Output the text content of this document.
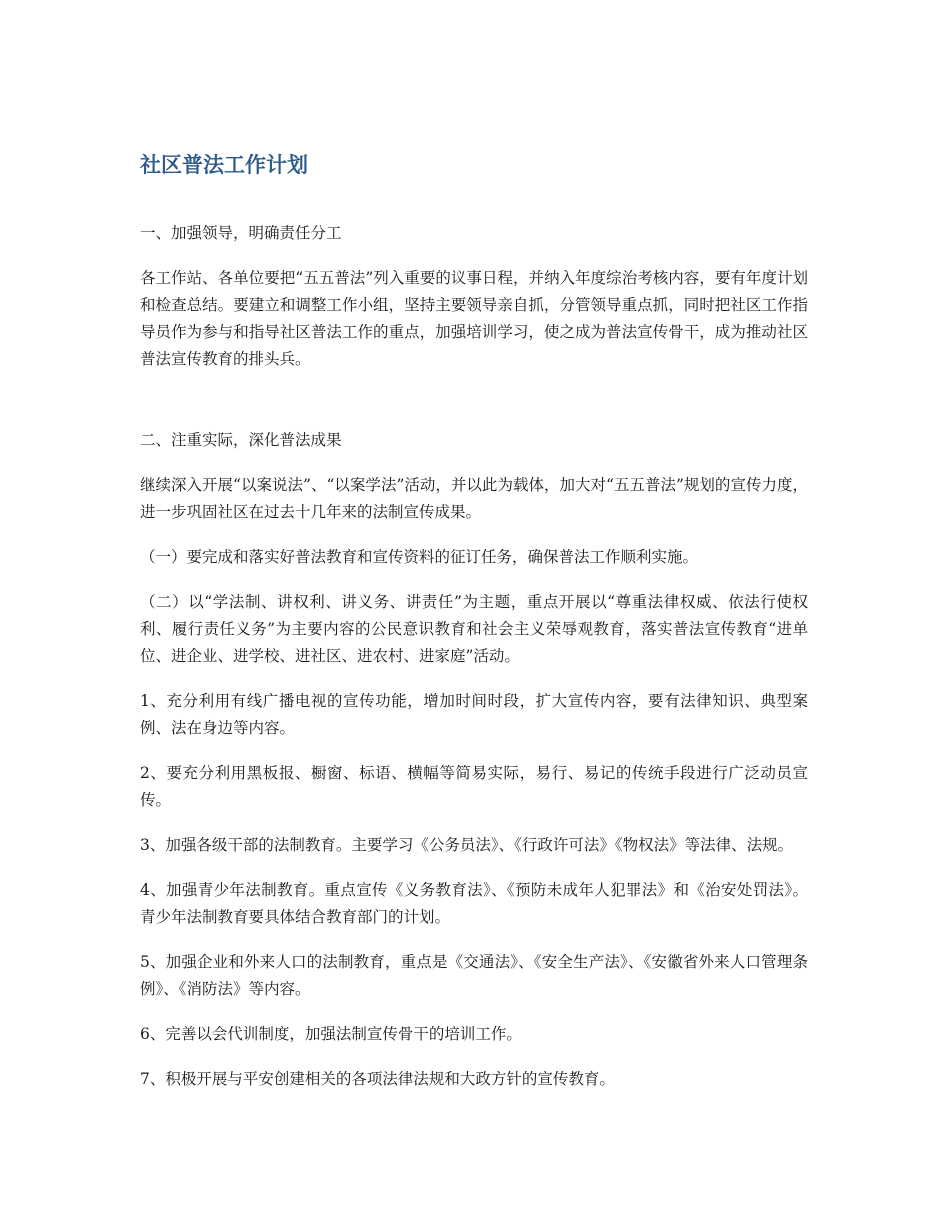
社区普法工作计划

一、加强领导，明确责任分工

各工作站、各单位要把“五五普法”列入重要的议事日程，并纳入年度综治考核内容，要有年度计划和检查总结。要建立和调整工作小组，坚持主要领导亲自抓，分管领导重点抓，同时把社区工作指导员作为参与和指导社区普法工作的重点，加强培训学习，使之成为普法宣传骨干，成为推动社区普法宣传教育的排头兵。

二、注重实际，深化普法成果

继续深入开展“以案说法”、“以案学法”活动，并以此为载体，加大对“五五普法”规划的宣传力度，进一步巩固社区在过去十几年来的法制宣传成果。

（一）要完成和落实好普法教育和宣传资料的征订任务，确保普法工作顺利实施。

（二）以“学法制、讲权利、讲义务、讲责任”为主题，重点开展以“尊重法律权威、依法行使权利、履行责任义务”为主要内容的公民意识教育和社会主义荣辱观教育，落实普法宣传教育“进单位、进企业、进学校、进社区、进农村、进家庭”活动。

1、充分利用有线广播电视的宣传功能，增加时间时段，扩大宣传内容，要有法律知识、典型案例、法在身边等内容。

2、要充分利用黑板报、橱窗、标语、横幅等简易实际，易行、易记的传统手段进行广泛动员宣传。

3、加强各级干部的法制教育。主要学习《公务员法》、《行政许可法》《物权法》等法律、法规。

4、加强青少年法制教育。重点宣传《义务教育法》、《预防未成年人犯罪法》和《治安处罚法》。青少年法制教育要具体结合教育部门的计划。

5、加强企业和外来人口的法制教育，重点是《交通法》、《安全生产法》、《安徽省外来人口管理条例》、《消防法》等内容。

6、完善以会代训制度，加强法制宣传骨干的培训工作。

7、积极开展与平安创建相关的各项法律法规和大政方针的宣传教育。
